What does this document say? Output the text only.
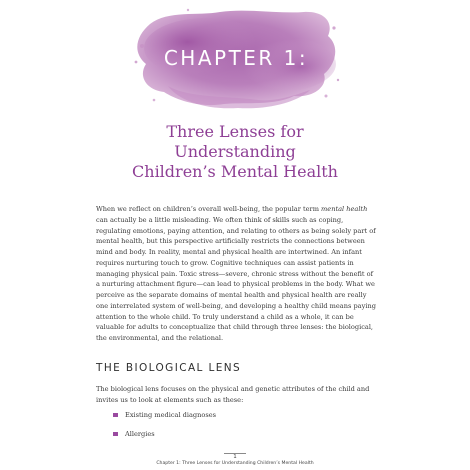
CHAPTER 1:

Three Lenses for
Understanding
Children’s Mental Health

When we reflect on children’s overall well-being, the popular term mental health can actually be a little misleading. We often think of skills such as coping, regulating emotions, paying attention, and relating to others as being solely part of mental health, but this perspective artificially restricts the connections between mind and body. In reality, mental and physical health are intertwined. An infant requires nurturing touch to grow. Cognitive techniques can assist patients in managing physical pain. Toxic stress—severe, chronic stress without the benefit of a nurturing attachment figure—can lead to physical problems in the body. What we perceive as the separate domains of mental health and physical health are really one interrelated system of well-being, and developing a healthy child means paying attention to the whole child. To truly understand a child as a whole, it can be valuable for adults to conceptualize that child through three lenses: the biological, the environmental, and the relational.

THE BIOLOGICAL LENS

The biological lens focuses on the physical and genetic attributes of the child and invites us to look at elements such as these:

Existing medical diagnoses
Allergies

1

Chapter 1: Three Lenses for Understanding Children’s Mental Health
